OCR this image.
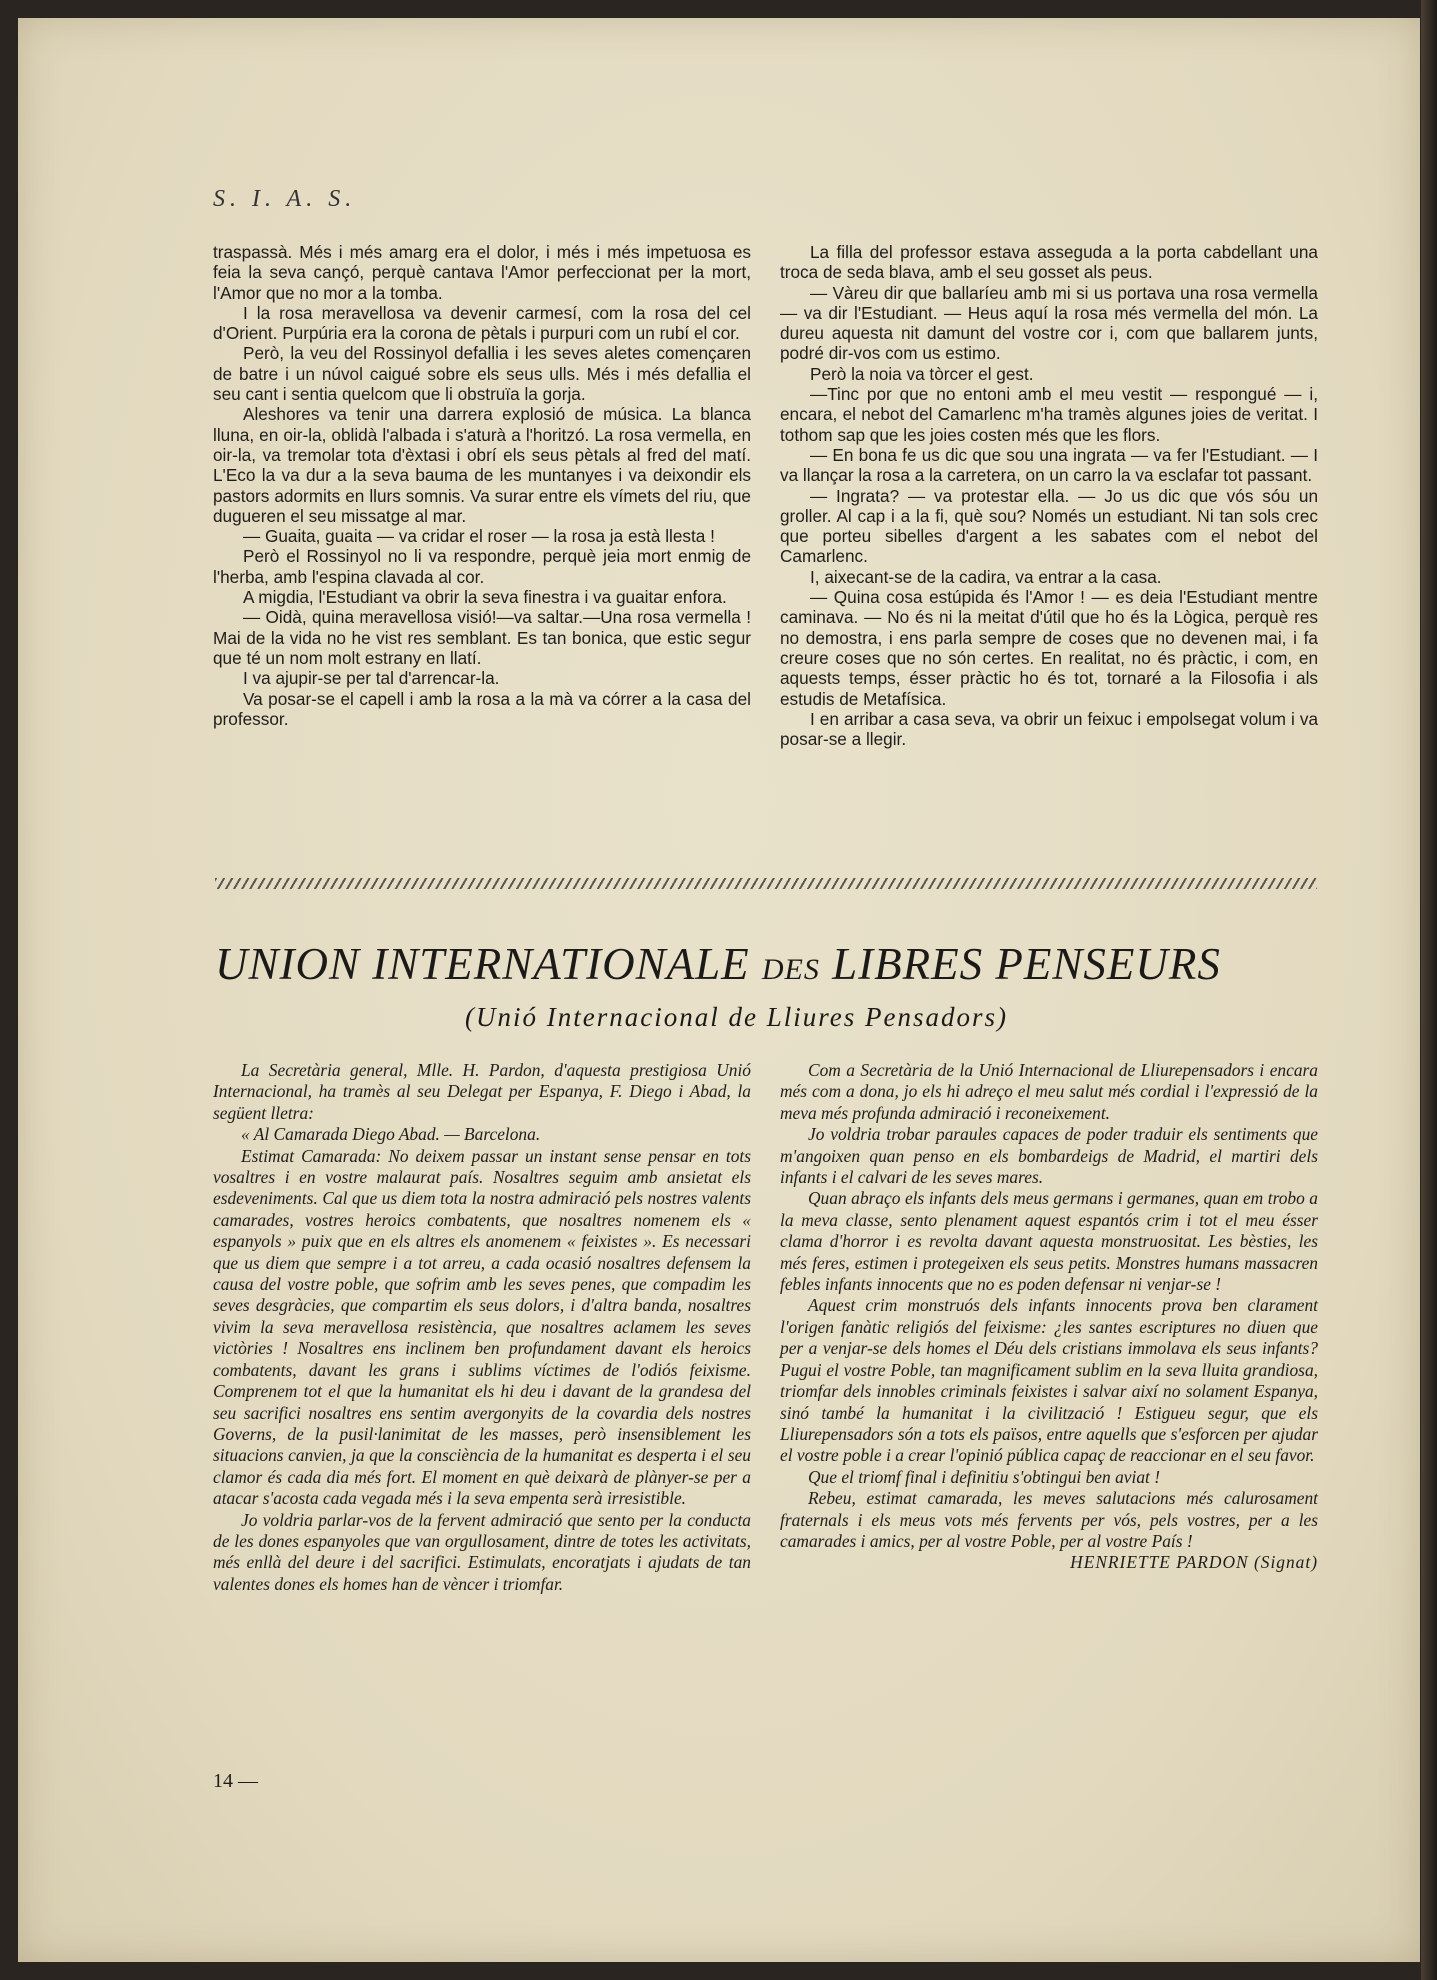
S. I. A. S.

traspassà. Més i més amarg era el dolor, i més i més impetuosa es feia la seva cançó, perquè cantava l'Amor perfeccionat per la mort, l'Amor que no mor a la tomba.

I la rosa meravellosa va devenir carmesí, com la rosa del cel d'Orient. Purpúria era la corona de pètals i purpuri com un rubí el cor.

Però, la veu del Rossinyol defallia i les seves aletes començaren de batre i un núvol caigué sobre els seus ulls. Més i més defallia el seu cant i sentia quelcom que li obstruïa la gorja.

Aleshores va tenir una darrera explosió de música. La blanca lluna, en oir-la, oblidà l'albada i s'aturà a l'horitzó. La rosa vermella, en oir-la, va tremolar tota d'èxtasi i obrí els seus pètals al fred del matí. L'Eco la va dur a la seva bauma de les muntanyes i va deixondir els pastors adormits en llurs somnis. Va surar entre els vímets del riu, que dugueren el seu missatge al mar.

— Guaita, guaita — va cridar el roser — la rosa ja està llesta !

Però el Rossinyol no li va respondre, perquè jeia mort enmig de l'herba, amb l'espina clavada al cor.

A migdia, l'Estudiant va obrir la seva finestra i va guaitar enfora.

— Oidà, quina meravellosa visió!—va saltar.—Una rosa vermella ! Mai de la vida no he vist res semblant. Es tan bonica, que estic segur que té un nom molt estrany en llatí.

I va ajupir-se per tal d'arrencar-la.

Va posar-se el capell i amb la rosa a la mà va córrer a la casa del professor.

La filla del professor estava asseguda a la porta cabdellant una troca de seda blava, amb el seu gosset als peus.

— Vàreu dir que ballaríeu amb mi si us portava una rosa vermella — va dir l'Estudiant. — Heus aquí la rosa més vermella del món. La dureu aquesta nit damunt del vostre cor i, com que ballarem junts, podré dir-vos com us estimo.

Però la noia va tòrcer el gest.

—Tinc por que no entoni amb el meu vestit — respongué — i, encara, el nebot del Camarlenc m'ha tramès algunes joies de veritat. I tothom sap que les joies costen més que les flors.

— En bona fe us dic que sou una ingrata — va fer l'Estudiant. — I va llançar la rosa a la carretera, on un carro la va esclafar tot passant.

— Ingrata? — va protestar ella. — Jo us dic que vós sóu un groller. Al cap i a la fi, què sou? Només un estudiant. Ni tan sols crec que porteu sibelles d'argent a les sabates com el nebot del Camarlenc.

I, aixecant-se de la cadira, va entrar a la casa.

— Quina cosa estúpida és l'Amor ! — es deia l'Estudiant mentre caminava. — No és ni la meitat d'útil que ho és la Lògica, perquè res no demostra, i ens parla sempre de coses que no devenen mai, i fa creure coses que no són certes. En realitat, no és pràctic, i com, en aquests temps, ésser pràctic ho és tot, tornaré a la Filosofia i als estudis de Metafísica.

I en arribar a casa seva, va obrir un feixuc i empolsegat volum i va posar-se a llegir.

UNION INTERNATIONALE DES LIBRES PENSEURS
(Unió Internacional de Lliures Pensadors)

La Secretària general, Mlle. H. Pardon, d'aquesta prestigiosa Unió Internacional, ha tramès al seu Delegat per Espanya, F. Diego i Abad, la següent lletra:

« Al Camarada Diego Abad. — Barcelona.

Estimat Camarada: No deixem passar un instant sense pensar en tots vosaltres i en vostre malaurat país. Nosaltres seguim amb ansietat els esdeveniments. Cal que us diem tota la nostra admiració pels nostres valents camarades, vostres heroics combatents, que nosaltres nomenem els « espanyols » puix que en els altres els anomenem « feixistes ». Es necessari que us diem que sempre i a tot arreu, a cada ocasió nosaltres defensem la causa del vostre poble, que sofrim amb les seves penes, que compadim les seves desgràcies, que compartim els seus dolors, i d'altra banda, nosaltres vivim la seva meravellosa resistència, que nosaltres aclamem les seves victòries ! Nosaltres ens inclinem ben profundament davant els heroics combatents, davant les grans i sublims víctimes de l'odiós feixisme. Comprenem tot el que la humanitat els hi deu i davant de la grandesa del seu sacrifici nosaltres ens sentim avergonyits de la covardia dels nostres Governs, de la pusil·lanimitat de les masses, però insensiblement les situacions canvien, ja que la consciència de la humanitat es desperta i el seu clamor és cada dia més fort. El moment en què deixarà de plànyer-se per a atacar s'acosta cada vegada més i la seva empenta serà irresistible.

Jo voldria parlar-vos de la fervent admiració que sento per la conducta de les dones espanyoles que van orgullosament, dintre de totes les activitats, més enllà del deure i del sacrifici. Estimulats, encoratjats i ajudats de tan valentes dones els homes han de vèncer i triomfar.

Com a Secretària de la Unió Internacional de Lliurepensadors i encara més com a dona, jo els hi adreço el meu salut més cordial i l'expressió de la meva més profunda admiració i reconeixement.

Jo voldria trobar paraules capaces de poder traduir els sentiments que m'angoixen quan penso en els bombardeigs de Madrid, el martiri dels infants i el calvari de les seves mares.

Quan abraço els infants dels meus germans i germanes, quan em trobo a la meva classe, sento plenament aquest espantós crim i tot el meu ésser clama d'horror i es revolta davant aquesta monstruositat. Les bèsties, les més feres, estimen i protegeixen els seus petits. Monstres humans massacren febles infants innocents que no es poden defensar ni venjar-se !

Aquest crim monstruós dels infants innocents prova ben clarament l'origen fanàtic religiós del feixisme: ¿les santes escriptures no diuen que per a venjar-se dels homes el Déu dels cristians immolava els seus infants? Pugui el vostre Poble, tan magnificament sublim en la seva lluita grandiosa, triomfar dels innobles criminals feixistes i salvar així no solament Espanya, sinó també la humanitat i la civilització ! Estigueu segur, que els Lliurepensadors són a tots els països, entre aquells que s'esforcen per ajudar el vostre poble i a crear l'opinió pública capaç de reaccionar en el seu favor.

Que el triomf final i definitiu s'obtingui ben aviat !

Rebeu, estimat camarada, les meves salutacions més calurosament fraternals i els meus vots més fervents per vós, pels vostres, per a les camarades i amics, per al vostre Poble, per al vostre País !

HENRIETTE PARDON (Signat)

14 —
